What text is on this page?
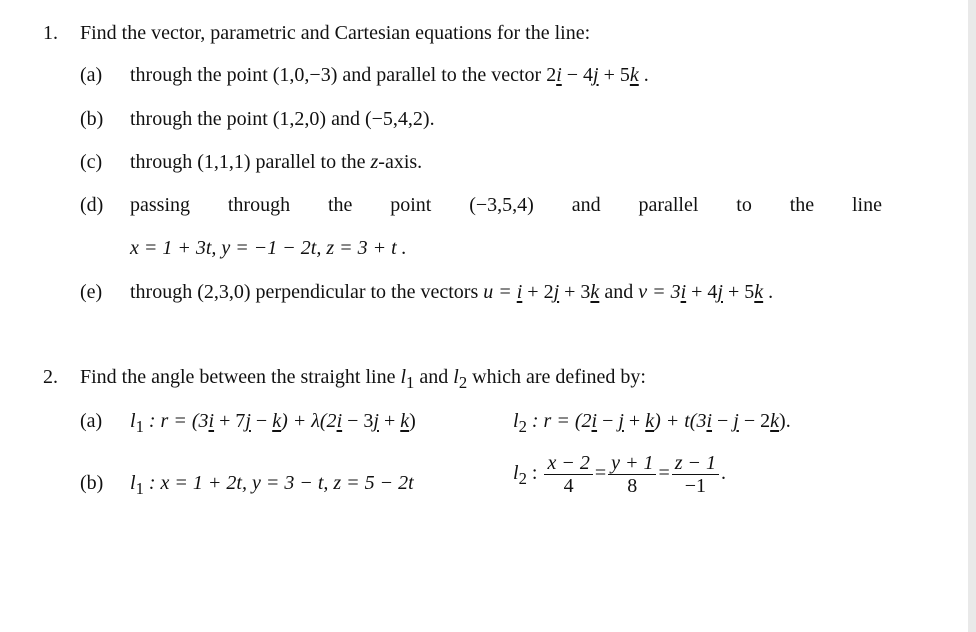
1. Find the vector, parametric and Cartesian equations for the line:
(a) through the point (1,0,−3) and parallel to the vector 2i − 4j + 5k .
(b) through the point (1,2,0) and (−5,4,2).
(c) through (1,1,1) parallel to the z-axis.
(d) passing through the point (−3,5,4) and parallel to the line
x = 1 + 3t, y = −1 − 2t, z = 3 + t .
(e) through (2,3,0) perpendicular to the vectors u = i + 2j + 3k and v = 3i + 4j + 5k .
2. Find the angle between the straight line $l_1$ and $l_2$ which are defined by:
(a) $l_1$ : r = (3i + 7j − k) + λ(2i − 3j + k)	$l_2$ : r = (2i − j + k) + t(3i − j − 2k).
(b) $l_1$ : x = 1 + 2t, y = 3 − t, z = 5 − 2t	$l_2$ : $\frac{x - 2}{4} = \frac{y + 1}{8} = \frac{z - 1}{-1}$ .
